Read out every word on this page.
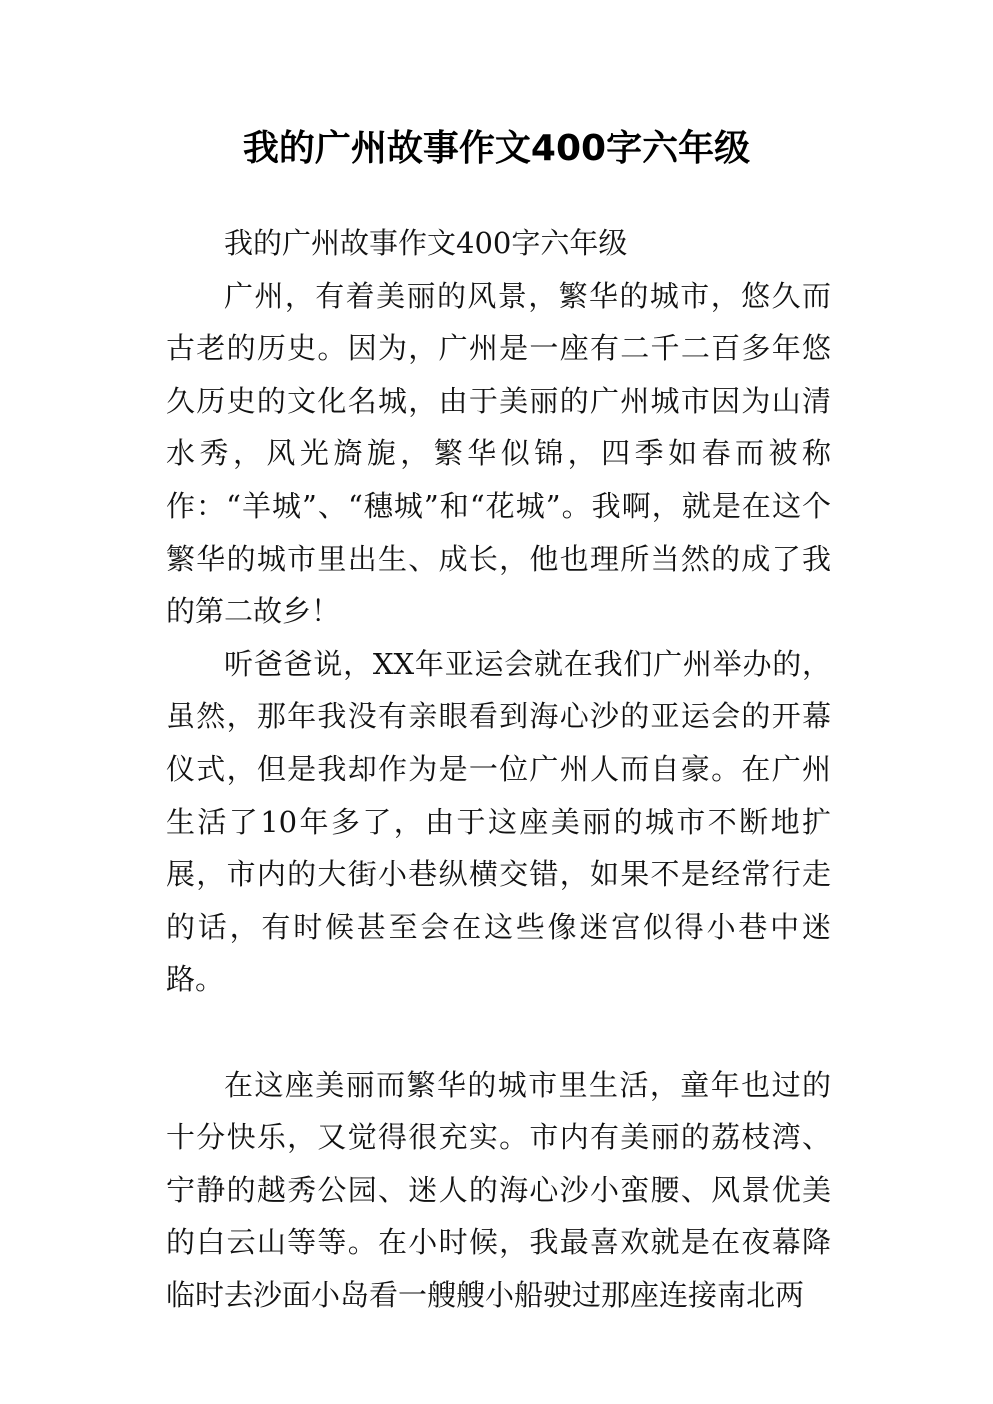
我的广州故事作文400字六年级

我的广州故事作文400字六年级

广州，有着美丽的风景，繁华的城市，悠久而古老的历史。因为，广州是一座有二千二百多年悠久历史的文化名城，由于美丽的广州城市因为山清水秀，风光旖旎，繁华似锦，四季如春而被称作：“羊城”、“穗城”和“花城”。我啊，就是在这个繁华的城市里出生、成长，他也理所当然的成了我的第二故乡！

听爸爸说，XX年亚运会就在我们广州举办的，虽然，那年我没有亲眼看到海心沙的亚运会的开幕仪式，但是我却作为是一位广州人而自豪。在广州生活了10年多了，由于这座美丽的城市不断地扩展，市内的大街小巷纵横交错，如果不是经常行走的话，有时候甚至会在这些像迷宫似得小巷中迷路。

在这座美丽而繁华的城市里生活，童年也过的十分快乐，又觉得很充实。市内有美丽的荔枝湾、宁静的越秀公园、迷人的海心沙小蛮腰、风景优美的白云山等等。在小时候，我最喜欢就是在夜幕降临时去沙面小岛看一艘艘小船驶过那座连接南北两
